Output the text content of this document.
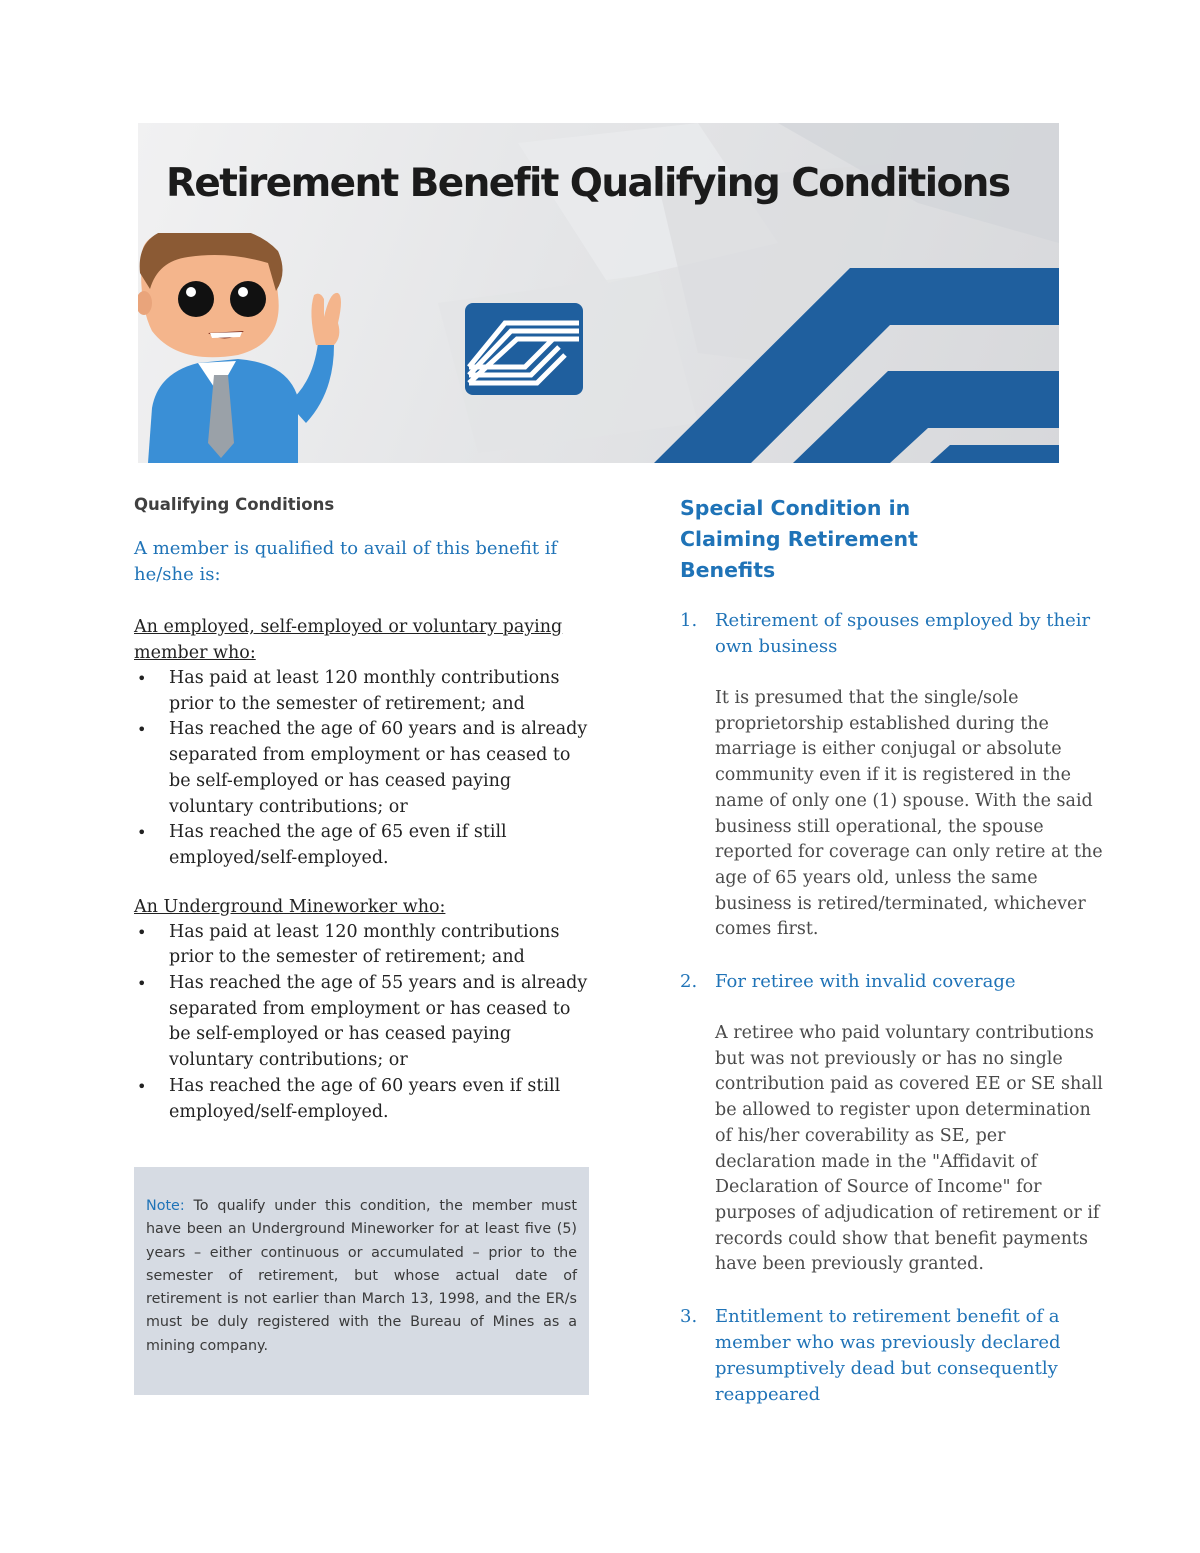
Retirement Benefit Qualifying Conditions
Qualifying Conditions

A member is qualified to avail of this benefit if he/she is:

An employed, self-employed or voluntary paying member who:

• Has paid at least 120 monthly contributions prior to the semester of retirement; and
• Has reached the age of 60 years and is already separated from employment or has ceased to be self-employed or has ceased paying voluntary contributions; or
• Has reached the age of 65 even if still employed/self-employed.

An Underground Mineworker who:

• Has paid at least 120 monthly contributions prior to the semester of retirement; and
• Has reached the age of 55 years and is already separated from employment or has ceased to be self-employed or has ceased paying voluntary contributions; or
• Has reached the age of 60 years even if still employed/self-employed.
Note: To qualify under this condition, the member must have been an Underground Mineworker for at least five (5) years – either continuous or accumulated – prior to the semester of retirement, but whose actual date of retirement is not earlier than March 13, 1998, and the ER/s must be duly registered with the Bureau of Mines as a mining company.
Special Condition in Claiming Retirement Benefits
1. Retirement of spouses employed by their own business

It is presumed that the single/sole proprietorship established during the marriage is either conjugal or absolute community even if it is registered in the name of only one (1) spouse. With the said business still operational, the spouse reported for coverage can only retire at the age of 65 years old, unless the same business is retired/terminated, whichever comes first.

2. For retiree with invalid coverage

A retiree who paid voluntary contributions but was not previously or has no single contribution paid as covered EE or SE shall be allowed to register upon determination of his/her coverability as SE, per declaration made in the "Affidavit of Declaration of Source of Income" for purposes of adjudication of retirement or if records could show that benefit payments have been previously granted.

3. Entitlement to retirement benefit of a member who was previously declared presumptively dead but consequently reappeared
